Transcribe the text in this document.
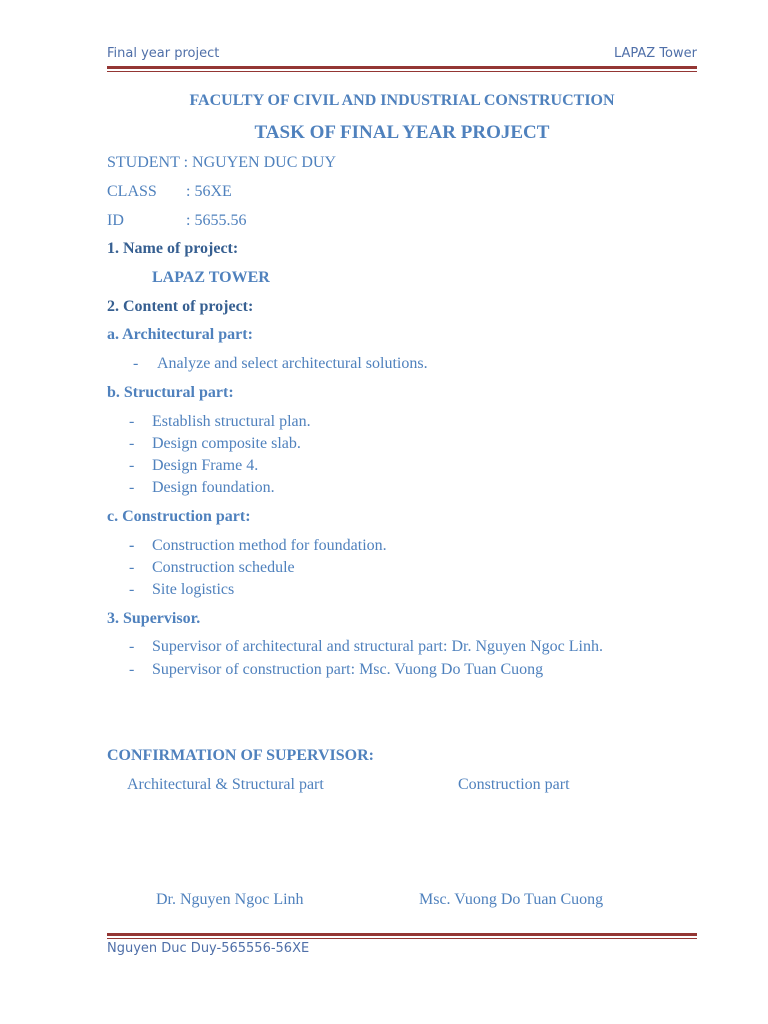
Final year project	LAPAZ Tower
FACULTY OF CIVIL AND INDUSTRIAL CONSTRUCTION
TASK OF FINAL YEAR PROJECT
STUDENT : NGUYEN DUC DUY
CLASS : 56XE
ID	: 5655.56
1. Name of project:
LAPAZ TOWER
2. Content of project:
a. Architectural part:
- Analyze and select architectural solutions.
b. Structural part:
- Establish structural plan.
- Design composite slab.
- Design Frame 4.
- Design foundation.
c. Construction part:
- Construction method for foundation.
- Construction schedule
- Site logistics
3. Supervisor.
- Supervisor of architectural and structural part: Dr. Nguyen Ngoc Linh.
- Supervisor of construction part: Msc. Vuong Do Tuan Cuong
CONFIRMATION OF SUPERVISOR:
Architectural & Structural part	Construction part
Dr. Nguyen Ngoc Linh	Msc. Vuong Do Tuan Cuong
Nguyen Duc Duy-565556-56XE
